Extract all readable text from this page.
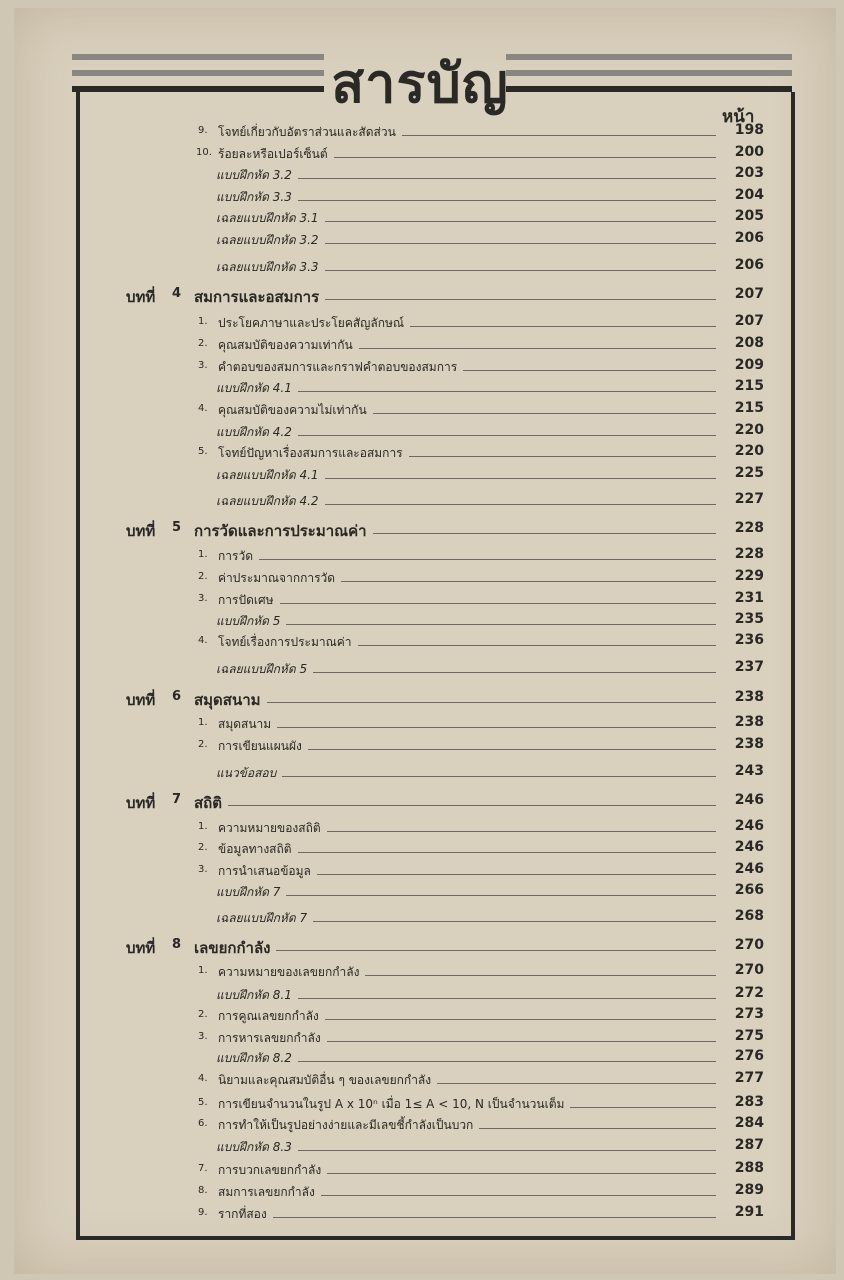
สารบัญ
หน้า
9. โจทย์เกี่ยวกับอัตราส่วนและสัดส่วน	198
10. ร้อยละหรือเปอร์เซ็นต์	200
แบบฝึกหัด 3.2	203
แบบฝึกหัด 3.3	204
เฉลยแบบฝึกหัด 3.1	205
เฉลยแบบฝึกหัด 3.2	206
เฉลยแบบฝึกหัด 3.3	206
บทที่ 4 สมการและอสมการ	207
1. ประโยคภาษาและประโยคสัญลักษณ์	207
2. คุณสมบัติของความเท่ากัน	208
3. คำตอบของสมการและกราฟคำตอบของสมการ	209
แบบฝึกหัด 4.1	215
4. คุณสมบัติของความไม่เท่ากัน	215
แบบฝึกหัด 4.2	220
5. โจทย์ปัญหาเรื่องสมการและอสมการ	220
เฉลยแบบฝึกหัด 4.1	225
เฉลยแบบฝึกหัด 4.2	227
บทที่ 5 การวัดและการประมาณค่า	228
1. การวัด	228
2. ค่าประมาณจากการวัด	229
3. การปัดเศษ	231
แบบฝึกหัด 5	235
4. โจทย์เรื่องการประมาณค่า	236
เฉลยแบบฝึกหัด 5	237
บทที่ 6 สมุดสนาม	238
1. สมุดสนาม	238
2. การเขียนแผนผัง	238
แนวข้อสอบ	243
บทที่ 7 สถิติ	246
1. ความหมายของสถิติ	246
2. ข้อมูลทางสถิติ	246
3. การนำเสนอข้อมูล	246
แบบฝึกหัด 7	266
เฉลยแบบฝึกหัด 7	268
บทที่ 8 เลขยกกำลัง	270
1. ความหมายของเลขยกกำลัง	270
แบบฝึกหัด 8.1	272
2. การคูณเลขยกกำลัง	273
3. การหารเลขยกกำลัง	275
แบบฝึกหัด 8.2	276
4. นิยามและคุณสมบัติอื่น ๆ ของเลขยกกำลัง	277
5. การเขียนจำนวนในรูป A x 10ⁿ เมื่อ 1≤ A < 10, N เป็นจำนวนเต็ม	283
6. การทำให้เป็นรูปอย่างง่ายและมีเลขชี้กำลังเป็นบวก	284
แบบฝึกหัด 8.3	287
7. การบวกเลขยกกำลัง	288
8. สมการเลขยกกำลัง	289
9. รากที่สอง	291
